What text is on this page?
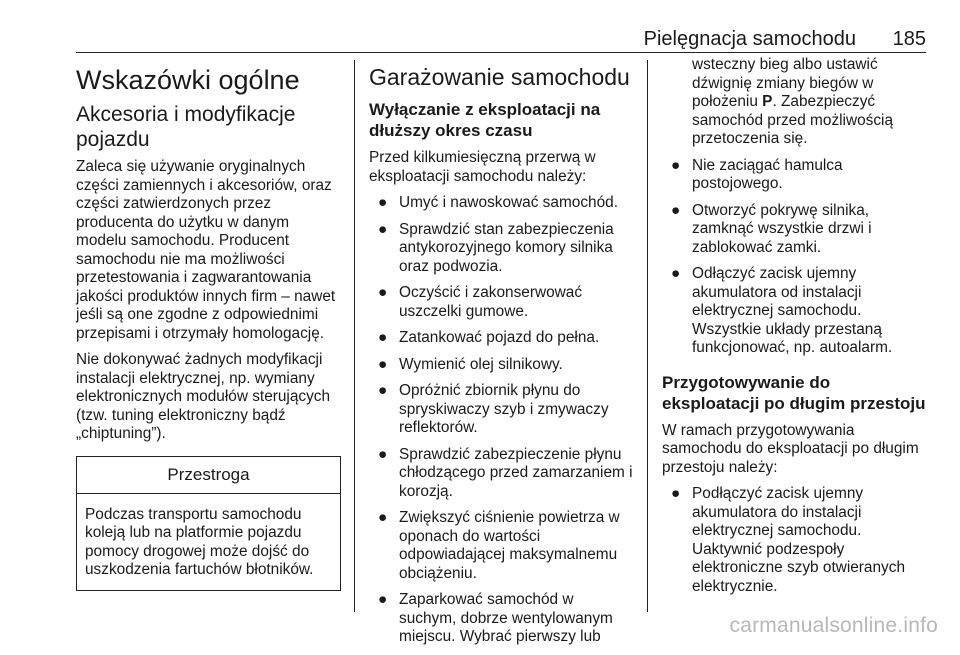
Pielęgnacja samochodu 185
Wskazówki ogólne
Akcesoria i modyfikacje pojazdu

Zaleca się używanie oryginalnych części zamiennych i akcesoriów, oraz części zatwierdzonych przez producenta do użytku w danym modelu samochodu. Producent samochodu nie ma możliwości przetestowania i zagwarantowania jakości produktów innych firm – nawet jeśli są one zgodne z odpowiednimi przepisami i otrzymały homologację.

Nie dokonywać żadnych modyfikacji instalacji elektrycznej, np. wymiany elektronicznych modułów sterujących (tzw. tuning elektroniczny bądź „chiptuning”).

Przestroga

Podczas transportu samochodu koleją lub na platformie pojazdu pomocy drogowej może dojść do uszkodzenia fartuchów błotników.

Garażowanie samochodu
Wyłączanie z eksploatacji na dłuższy okres czasu

Przed kilkumiesięczną przerwą w eksploatacji samochodu należy:

● Umyć i nawoskować samochód.
● Sprawdzić stan zabezpieczenia antykorozyjnego komory silnika oraz podwozia.
● Oczyścić i zakonserwować uszczelki gumowe.
● Zatankować pojazd do pełna.
● Wymienić olej silnikowy.
● Opróżnić zbiornik płynu do spryskiwaczy szyb i zmywaczy reflektorów.
● Sprawdzić zabezpieczenie płynu chłodzącego przed zamarzaniem i korozją.
● Zwiększyć ciśnienie powietrza w oponach do wartości odpowiadającej maksymalnemu obciążeniu.
● Zaparkować samochód w suchym, dobrze wentylowanym miejscu. Wybrać pierwszy lub
wsteczny bieg albo ustawić dźwignię zmiany biegów w położeniu P. Zabezpieczyć samochód przed możliwością przetoczenia się.
● Nie zaciągać hamulca postojowego.
● Otworzyć pokrywę silnika, zamknąć wszystkie drzwi i zablokować zamki.
● Odłączyć zacisk ujemny akumulatora od instalacji elektrycznej samochodu. Wszystkie układy przestaną funkcjonować, np. autoalarm.
Przygotowywanie do eksploatacji po długim przestoju

W ramach przygotowywania samochodu do eksploatacji po długim przestoju należy:

● Podłączyć zacisk ujemny akumulatora do instalacji elektrycznej samochodu. Uaktywnić podzespoły elektroniczne szyb otwieranych elektrycznie.
carmanualsonline.info
